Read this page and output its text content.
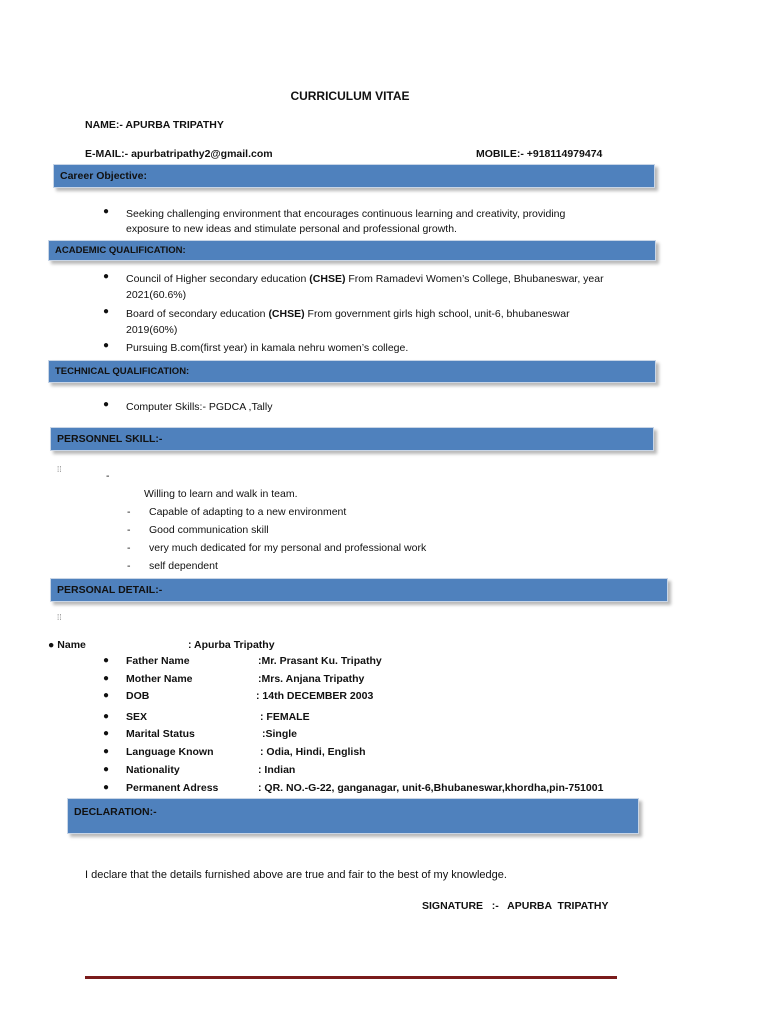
CURRICULUM VITAE
NAME:- APURBA TRIPATHY
E-MAIL:- apurbatripathy2@gmail.com	MOBILE:- +918114979474
Career Objective:
● Seeking challenging environment that encourages continuous learning and creativity, providing
exposure to new ideas and stimulate personal and professional growth.
ACADEMIC QUALIFICATION:
● Council of Higher secondary education (CHSE) From Ramadevi Women’s College, Bhubaneswar, year
2021(60.6%)
● Board of secondary education (CHSE) From government girls high school, unit-6, bhubaneswar
2019(60%)
● Pursuing B.com(first year) in kamala nehru women’s college.
TECHNICAL QUALIFICATION:
● Computer Skills:- PGDCA ,Tally
PERSONNEL SKILL:-
⁞⁞
-
Willing to learn and walk in team.
- Capable of adapting to a new environment
- Good communication skill
- very much dedicated for my personal and professional work
- self dependent
PERSONAL DETAIL:-
⁞⁞
● Name	: Apurba Tripathy
● Father Name	:Mr. Prasant Ku. Tripathy
● Mother Name	:Mrs. Anjana Tripathy
● DOB	: 14th DECEMBER 2003
● SEX	: FEMALE
● Marital Status	:Single
● Language Known	: Odia, Hindi, English
● Nationality	: Indian
● Permanent Adress	: QR. NO.-G-22, ganganagar, unit-6,Bhubaneswar,khordha,pin-751001
DECLARATION:-
I declare that the details furnished above are true and fair to the best of my knowledge.
SIGNATURE   :-   APURBA  TRIPATHY
